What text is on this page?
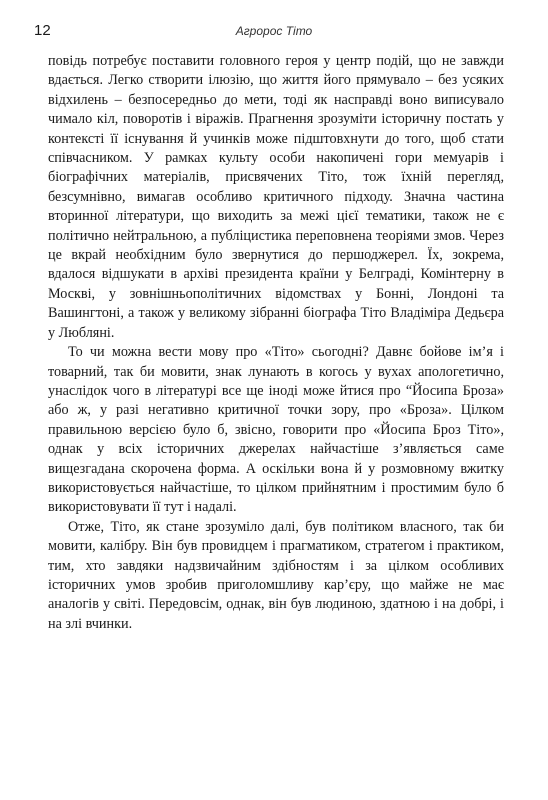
12	Агророс Тіто

повідь потребує поставити головного героя у центр подій, що не завжди вдається. Легко створити ілюзію, що життя його прямувало – без усяких відхилень – безпосередньо до мети, тоді як насправді воно виписувало чимало кіл, поворотів і віражів. Прагнення зрозуміти історичну постать у контексті її існування й учинків може підштовхнути до того, щоб стати співчасником. У рамках культу особи накопичені гори мемуарів і біографічних матеріалів, присвячених Тіто, тож їхній перегляд, безсумнівно, вимагав особливо критичного підходу. Значна частина вторинної літератури, що виходить за межі цієї тематики, також не є політично нейтральною, а публіцистика переповнена теоріями змов. Через це вкрай необхідним було звернутися до першоджерел. Їх, зокрема, вдалося відшукати в архіві президента країни у Белграді, Комінтерну в Москві, у зовнішньополітичних відомствах у Бонні, Лондоні та Вашингтоні, а також у великому зібранні біографа Тіто Владіміра Дедьєра у Любляні.

То чи можна вести мову про «Тіто» сьогодні? Давнє бойове ім’я і товарний, так би мовити, знак лунають в когось у вухах апологетично, унаслідок чого в літературі все ще іноді може йтися про “Йосипа Броза» або ж, у разі негативно критичної точки зору, про «Броза». Цілком правильною версією було б, звісно, говорити про «Йосипа Броз Тіто», однак у всіх історичних джерелах найчастіше з’являється саме вищезгадана скорочена форма. А оскільки вона й у розмовному вжитку використовується найчастіше, то цілком прийнятним і простимим було б використовувати її тут і надалі.

Отже, Тіто, як стане зрозуміло далі, був політиком власного, так би мовити, калібру. Він був провидцем і прагматиком, стратегом і практиком, тим, хто завдяки надзвичайним здібностям і за цілком особливих історичних умов зробив приголомшливу кар’єру, що майже не має аналогів у світі. Передовсім, однак, він був людиною, здатною і на добрі, і на злі вчинки.
